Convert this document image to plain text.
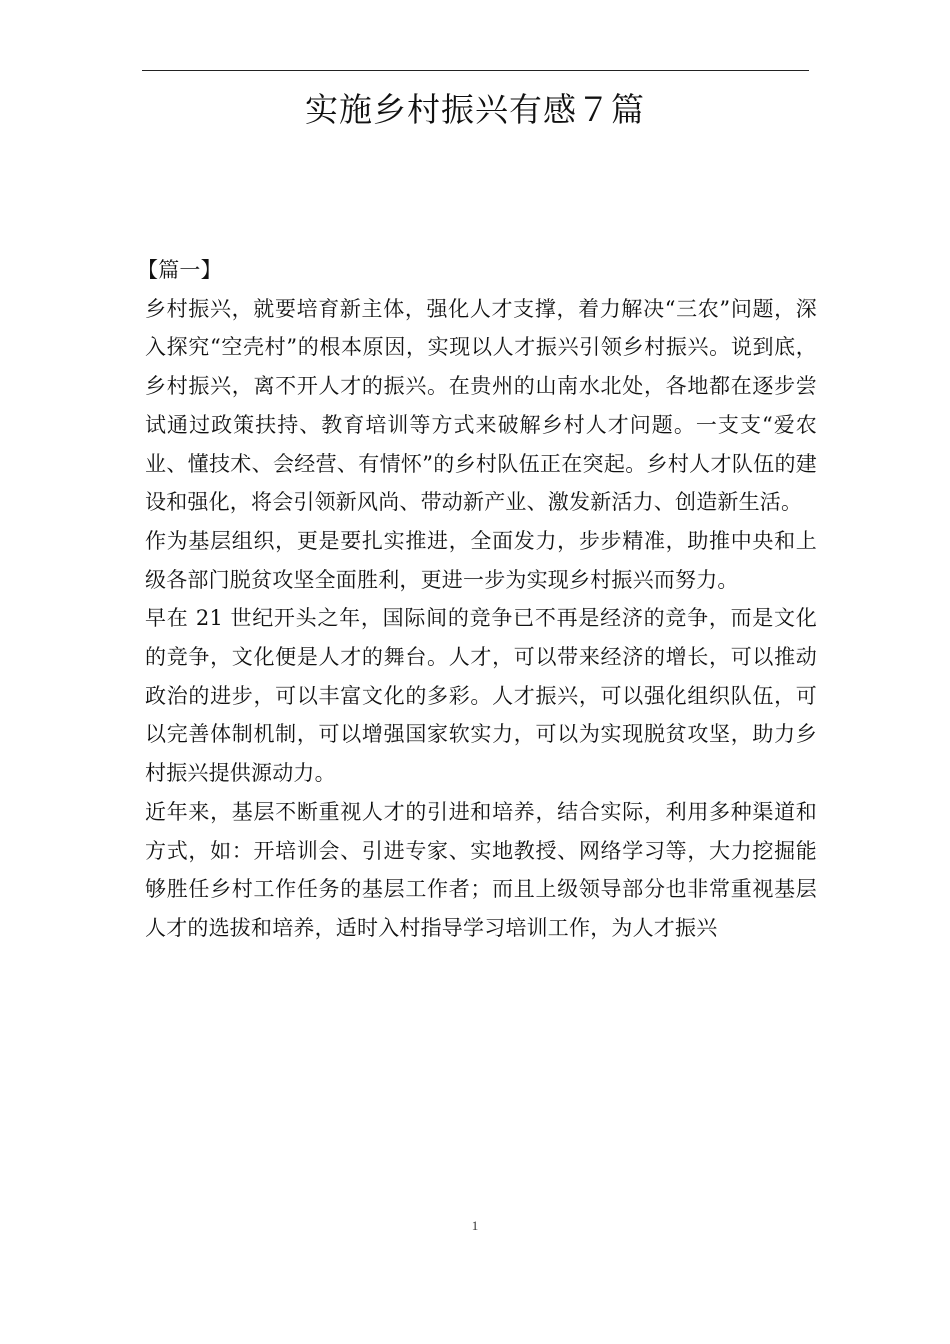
实施乡村振兴有感７篇

【篇一】

乡村振兴，就要培育新主体，强化人才支撑，着力解决“三农”问题，深入探究“空壳村”的根本原因，实现以人才振兴引领乡村振兴。说到底，乡村振兴，离不开人才的振兴。在贵州的山南水北处，各地都在逐步尝试通过政策扶持、教育培训等方式来破解乡村人才问题。一支支“爱农业、懂技术、会经营、有情怀”的乡村队伍正在突起。乡村人才队伍的建设和强化，将会引领新风尚、带动新产业、激发新活力、创造新生活。

作为基层组织，更是要扎实推进，全面发力，步步精准，助推中央和上级各部门脱贫攻坚全面胜利，更进一步为实现乡村振兴而努力。

早在 21 世纪开头之年，国际间的竞争已不再是经济的竞争，而是文化的竞争，文化便是人才的舞台。人才，可以带来经济的增长，可以推动政治的进步，可以丰富文化的多彩。人才振兴，可以强化组织队伍，可以完善体制机制，可以增强国家软实力，可以为实现脱贫攻坚，助力乡村振兴提供源动力。

近年来，基层不断重视人才的引进和培养，结合实际，利用多种渠道和方式，如：开培训会、引进专家、实地教授、网络学习等，大力挖掘能够胜任乡村工作任务的基层工作者；而且上级领导部分也非常重视基层人才的选拔和培养，适时入村指导学习培训工作，为人才振兴

1
